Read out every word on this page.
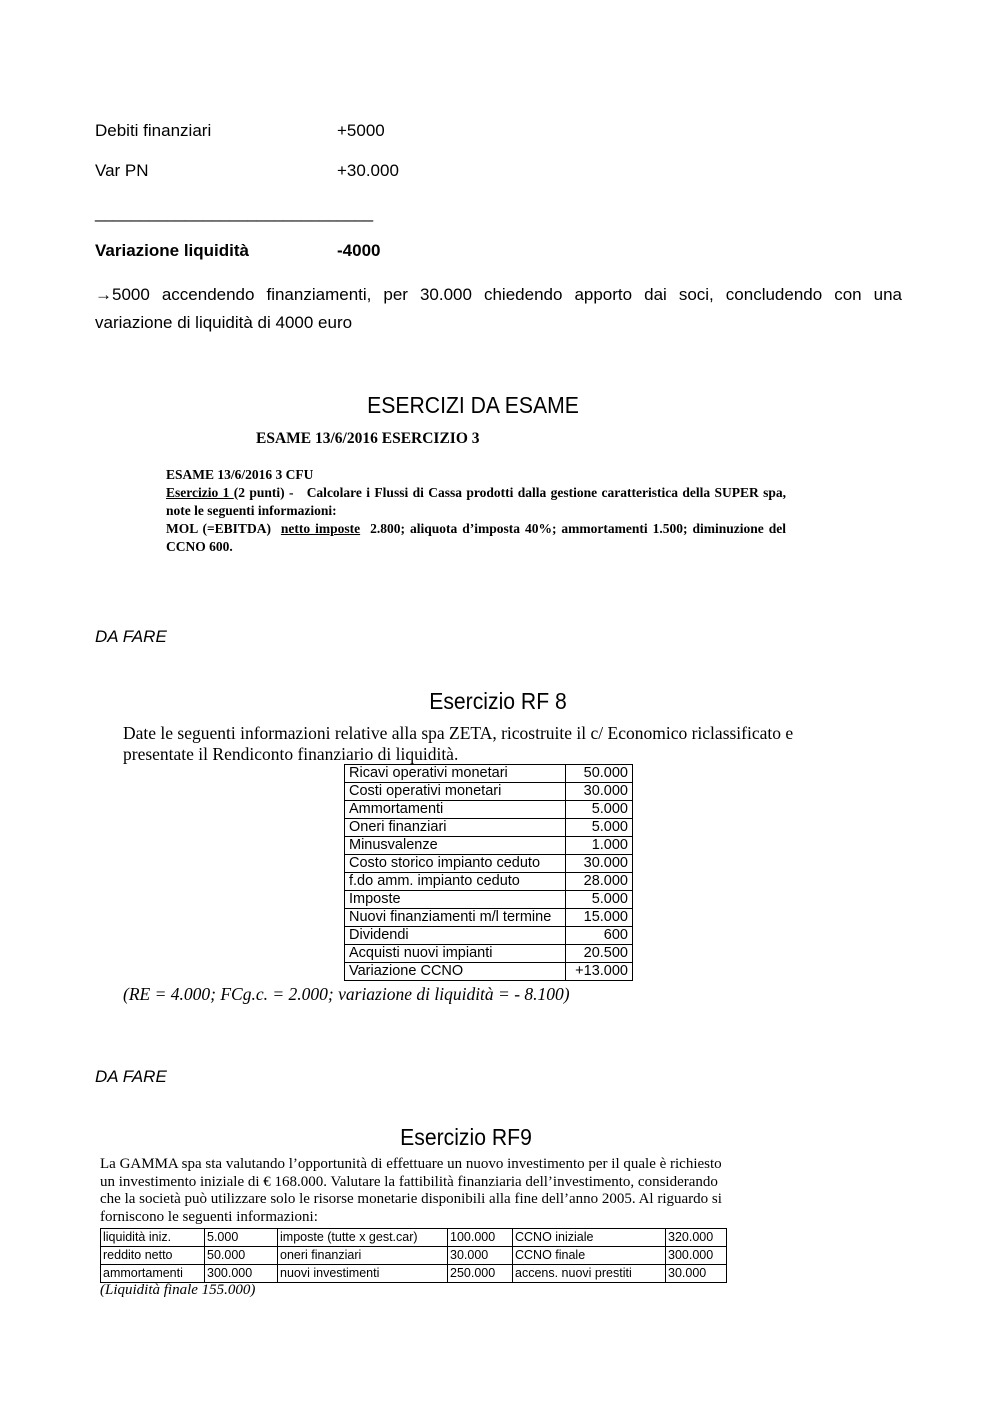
Debiti finanziari	+5000
Var PN	+30.000
_______________________________
Variazione liquidità	-4000
→5000 accendendo finanziamenti, per 30.000 chiedendo apporto dai soci, concludendo con una variazione di liquidità di 4000 euro
ESERCIZI DA ESAME
ESAME 13/6/2016 ESERCIZIO 3
ESAME 13/6/2016 3 CFU
Esercizio 1 (2 punti) - Calcolare i Flussi di Cassa prodotti dalla gestione caratteristica della SUPER spa, note le seguenti informazioni:
MOL (=EBITDA) netto imposte 2.800; aliquota d’imposta 40%; ammortamenti 1.500; diminuzione del CCNO 600.
DA FARE
Esercizio RF 8
Date le seguenti informazioni relative alla spa ZETA, ricostruite il c/ Economico riclassificato e presentate il Rendiconto finanziario di liquidità.
Ricavi operativi monetari	50.000
Costi operativi monetari	30.000
Ammortamenti	5.000
Oneri finanziari	5.000
Minusvalenze	1.000
Costo storico impianto ceduto	30.000
f.do amm. impianto ceduto	28.000
Imposte	5.000
Nuovi finanziamenti m/l termine	15.000
Dividendi	600
Acquisti nuovi impianti	20.500
Variazione CCNO	+13.000
(RE = 4.000; FCg.c. = 2.000; variazione di liquidità = - 8.100)
DA FARE
Esercizio RF9
La GAMMA spa sta valutando l’opportunità di effettuare un nuovo investimento per il quale è richiesto un investimento iniziale di € 168.000. Valutare la fattibilità finanziaria dell’investimento, considerando che la società può utilizzare solo le risorse monetarie disponibili alla fine dell’anno 2005. Al riguardo si forniscono le seguenti informazioni:
liquidità iniz.	5.000	imposte (tutte x gest.car)	100.000	CCNO iniziale	320.000
reddito netto	50.000	oneri finanziari	30.000	CCNO finale	300.000
ammortamenti	300.000	nuovi investimenti	250.000	accens. nuovi prestiti	30.000
(Liquidità finale 155.000)
